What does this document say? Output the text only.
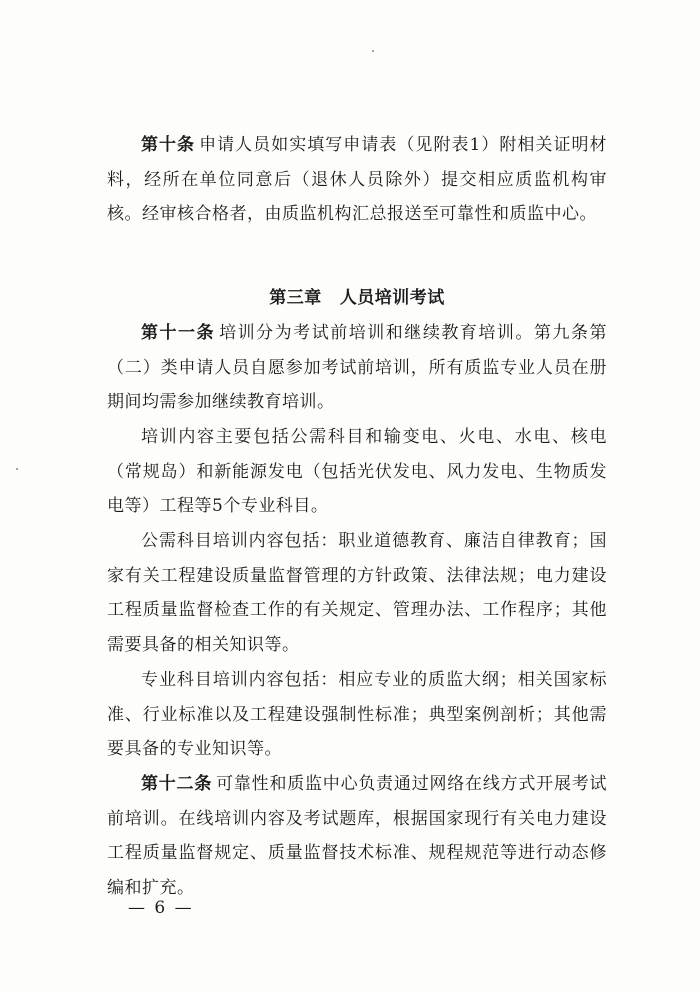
第十条 申请人员如实填写申请表（见附表1）附相关证明材料，经所在单位同意后（退休人员除外）提交相应质监机构审核。经审核合格者，由质监机构汇总报送至可靠性和质监中心。

第三章 人员培训考试

第十一条 培训分为考试前培训和继续教育培训。第九条第（二）类申请人员自愿参加考试前培训，所有质监专业人员在册期间均需参加继续教育培训。

培训内容主要包括公需科目和输变电、火电、水电、核电（常规岛）和新能源发电（包括光伏发电、风力发电、生物质发电等）工程等5个专业科目。

公需科目培训内容包括：职业道德教育、廉洁自律教育；国家有关工程建设质量监督管理的方针政策、法律法规；电力建设工程质量监督检查工作的有关规定、管理办法、工作程序；其他需要具备的相关知识等。

专业科目培训内容包括：相应专业的质监大纲；相关国家标准、行业标准以及工程建设强制性标准；典型案例剖析；其他需要具备的专业知识等。

第十二条 可靠性和质监中心负责通过网络在线方式开展考试前培训。在线培训内容及考试题库，根据国家现行有关电力建设工程质量监督规定、质量监督技术标准、规程规范等进行动态修编和扩充。

— 6 —
